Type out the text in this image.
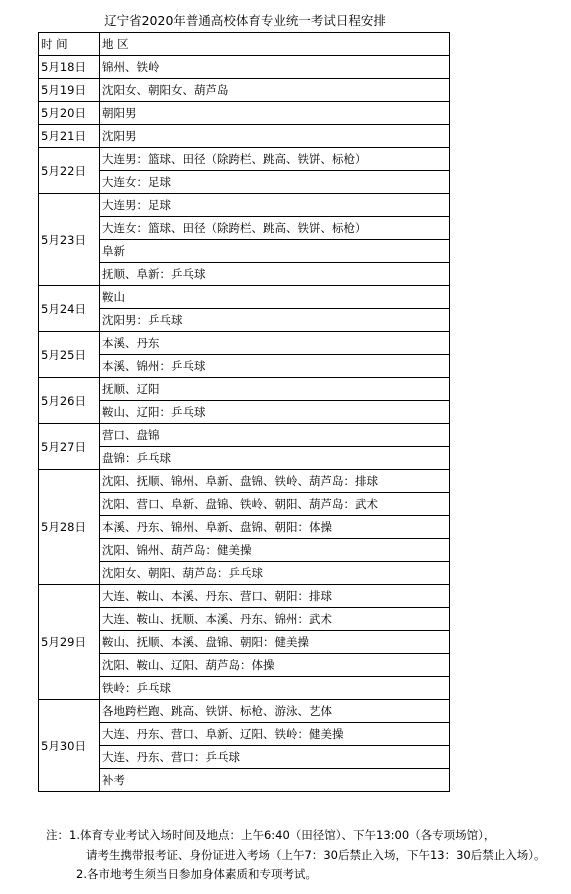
辽宁省2020年普通高校体育专业统一考试日程安排
时 间	地 区
5月18日	锦州、铁岭
5月19日	沈阳女、朝阳女、葫芦岛
5月20日	朝阳男
5月21日	沈阳男
5月22日	大连男：篮球、田径（除跨栏、跳高、铁饼、标枪）
	大连女：足球
5月23日	大连男：足球
	大连女：篮球、田径（除跨栏、跳高、铁饼、标枪）
	阜新
	抚顺、阜新：乒乓球
5月24日	鞍山
	沈阳男：乒乓球
5月25日	本溪、丹东
	本溪、锦州：乒乓球
5月26日	抚顺、辽阳
	鞍山、辽阳：乒乓球
5月27日	营口、盘锦
	盘锦：乒乓球
5月28日	沈阳、抚顺、锦州、阜新、盘锦、铁岭、葫芦岛：排球
	沈阳、营口、阜新、盘锦、铁岭、朝阳、葫芦岛：武术
	本溪、丹东、锦州、阜新、盘锦、朝阳：体操
	沈阳、锦州、葫芦岛：健美操
	沈阳女、朝阳、葫芦岛：乒乓球
5月29日	大连、鞍山、本溪、丹东、营口、朝阳：排球
	大连、鞍山、抚顺、本溪、丹东、锦州：武术
	鞍山、抚顺、本溪、盘锦、朝阳：健美操
	沈阳、鞍山、辽阳、葫芦岛：体操
	铁岭：乒乓球
5月30日	各地跨栏跑、跳高、铁饼、标枪、游泳、艺体
	大连、丹东、营口、阜新、辽阳、铁岭：健美操
	大连、丹东、营口：乒乓球
	补考
注：1.体育专业考试入场时间及地点：上午6:40（田径馆）、下午13:00（各专项场馆），
请考生携带报考证、身份证进入考场（上午7：30后禁止入场，下午13：30后禁止入场）。
2.各市地考生须当日参加身体素质和专项考试。
